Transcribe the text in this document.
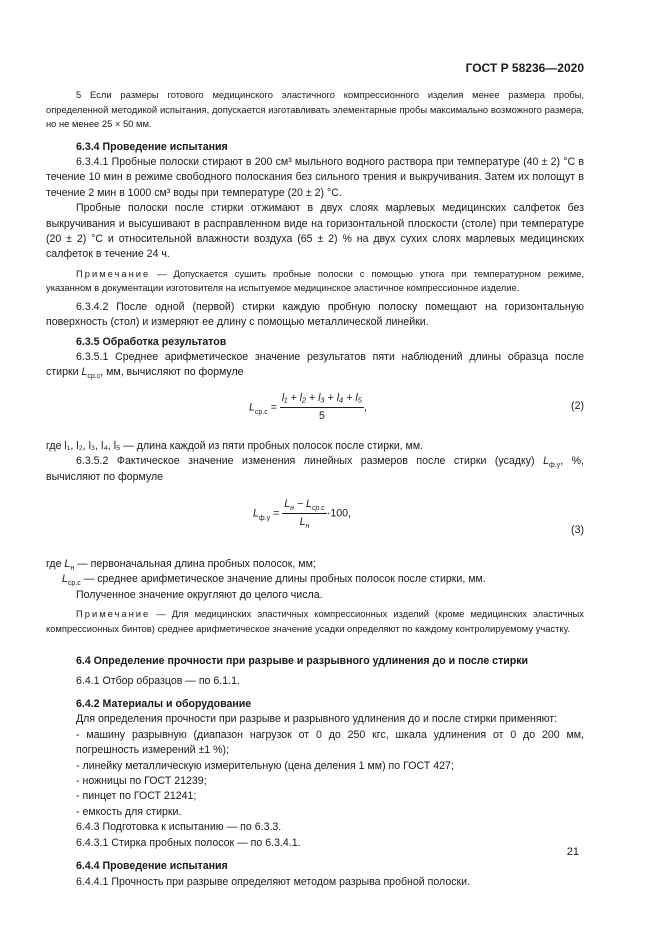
ГОСТ Р 58236—2020

5 Если размеры готового медицинского эластичного компрессионного изделия менее размера пробы, определенной методикой испытания, допускается изготавливать элементарные пробы максимально возможного размера, но не менее 25 × 50 мм.

6.3.4 Проведение испытания

6.3.4.1 Пробные полоски стирают в 200 см³ мыльного водного раствора при температуре (40 ± 2) °С в течение 10 мин в режиме свободного полоскания без сильного трения и выкручивания. Затем их полощут в течение 2 мин в 1000 см³ воды при температуре (20 ± 2) °С.

Пробные полоски после стирки отжимают в двух слоях марлевых медицинских салфеток без выкручивания и высушивают в расправленном виде на горизонтальной плоскости (столе) при температуре (20 ± 2) °С и относительной влажности воздуха (65 ± 2) % на двух сухих слоях марлевых медицинских салфеток в течение 24 ч.

Примечание — Допускается сушить пробные полоски с помощью утюга при температурном режиме, указанном в документации изготовителя на испытуемое медицинское эластичное компрессионное изделие.

6.3.4.2 После одной (первой) стирки каждую пробную полоску помещают на горизонтальную поверхность (стол) и измеряют ее длину с помощью металлической линейки.

6.3.5 Обработка результатов

6.3.5.1 Среднее арифметическое значение результатов пяти наблюдений длины образца после стирки $L_{ср.с}$, мм, вычисляют по формуле

$L_{ср.с} = \frac{\text{l₁ + l₂ + l₃ + l₄ + l₅}}{5}$ ,	(2)

где l₁, l₂, l₃, l₄, l₅ — длина каждой из пяти пробных полосок после стирки, мм.

6.3.5.2 Фактическое значение изменения линейных размеров после стирки (усадку) $L_{ф.у}$, %, вычисляют по формуле

$L_{ф.у} = \frac{L_н - L_{ср.с}}{L_н} \cdot 100$,
(3)

где $L_н$ — первоначальная длина пробных полосок, мм;

$L_{ср.с}$ — среднее арифметическое значение длины пробных полосок после стирки, мм.

Полученное значение округляют до целого числа.

Примечание — Для медицинских эластичных компрессионных изделий (кроме медицинских эластичных компрессионных бинтов) среднее арифметическое значение усадки определяют по каждому контролируемому участку.

6.4 Определение прочности при разрыве и разрывного удлинения до и после стирки

6.4.1 Отбор образцов — по 6.1.1.

6.4.2 Материалы и оборудование

Для определения прочности при разрыве и разрывного удлинения до и после стирки применяют:

- машину разрывную (диапазон нагрузок от 0 до 250 кгс, шкала удлинения от 0 до 200 мм, погрешность измерений ±1 %);

- линейку металлическую измерительную (цена деления 1 мм) по ГОСТ 427;

- ножницы по ГОСТ 21239;

- пинцет по ГОСТ 21241;

- емкость для стирки.

6.4.3 Подготовка к испытанию — по 6.3.3.

6.4.3.1 Стирка пробных полосок — по 6.3.4.1.

6.4.4 Проведение испытания

6.4.4.1 Прочность при разрыве определяют методом разрыва пробной полоски.

21
